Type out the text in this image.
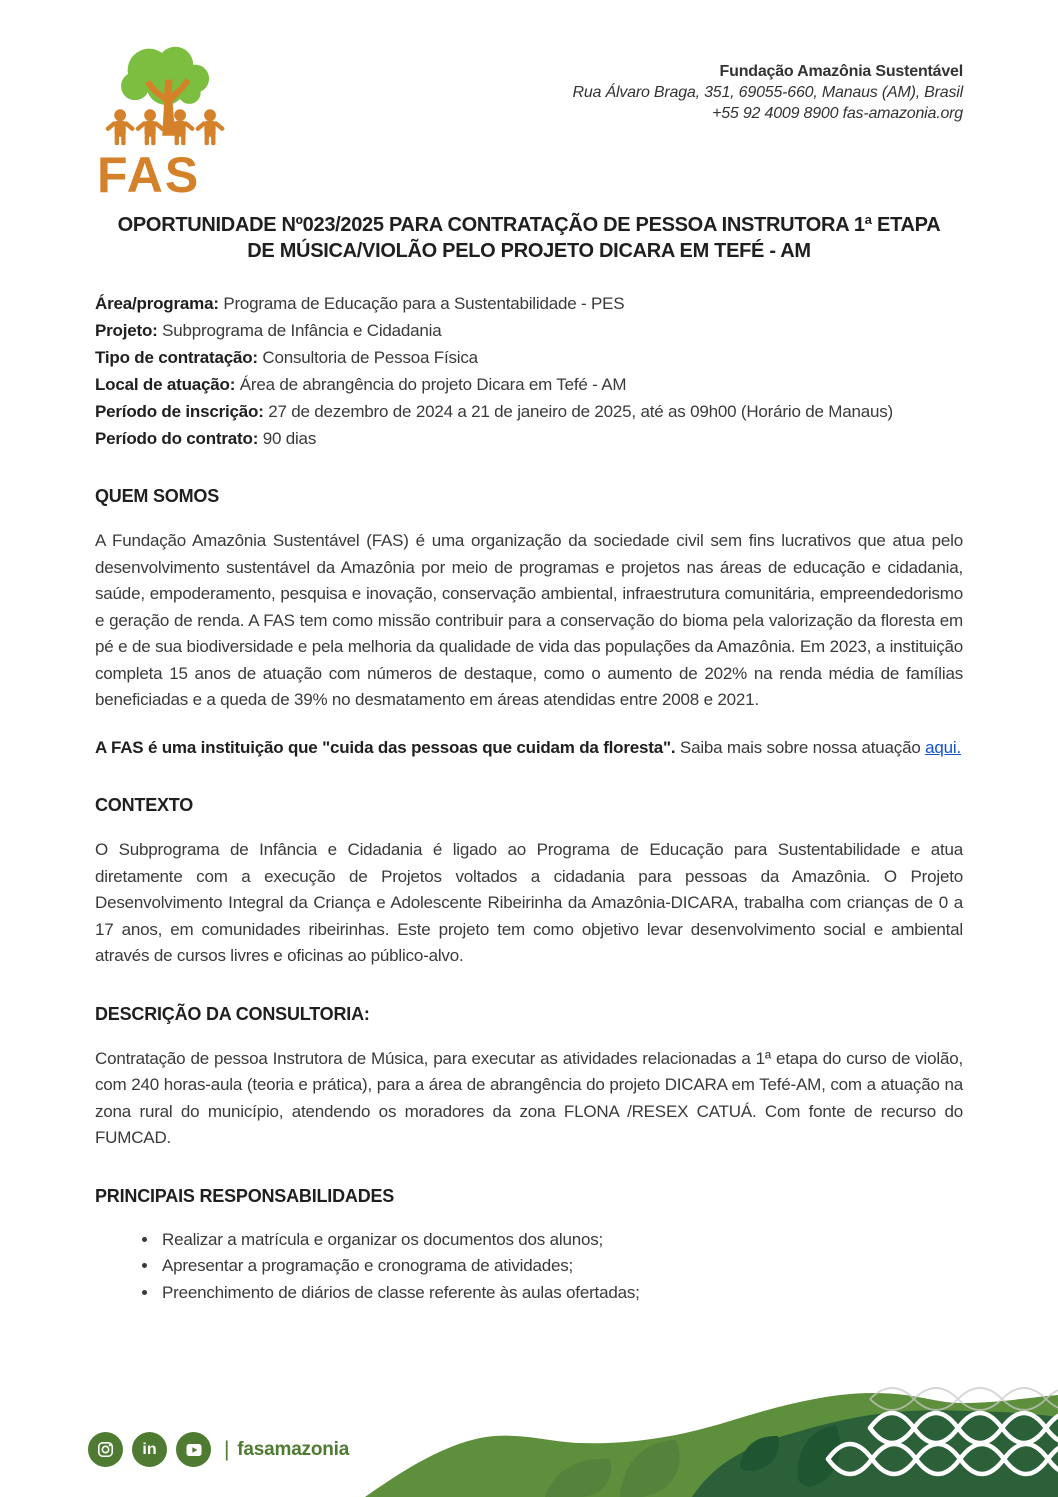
FAS
Fundação Amazônia Sustentável
Rua Álvaro Braga, 351, 69055-660, Manaus (AM), Brasil
+55 92 4009 8900 fas-amazonia.org
OPORTUNIDADE Nº023/2025 PARA CONTRATAÇÃO DE PESSOA INSTRUTORA 1ª ETAPA
DE MÚSICA/VIOLÃO PELO PROJETO DICARA EM TEFÉ - AM
Área/programa: Programa de Educação para a Sustentabilidade - PES
Projeto: Subprograma de Infância e Cidadania
Tipo de contratação: Consultoria de Pessoa Física
Local de atuação: Área de abrangência do projeto Dicara em Tefé - AM
Período de inscrição: 27 de dezembro de 2024 a 21 de janeiro de 2025, até as 09h00 (Horário de Manaus)
Período do contrato: 90 dias
QUEM SOMOS

A Fundação Amazônia Sustentável (FAS) é uma organização da sociedade civil sem fins lucrativos que atua pelo desenvolvimento sustentável da Amazônia por meio de programas e projetos nas áreas de educação e cidadania, saúde, empoderamento, pesquisa e inovação, conservação ambiental, infraestrutura comunitária, empreendedorismo e geração de renda. A FAS tem como missão contribuir para a conservação do bioma pela valorização da floresta em pé e de sua biodiversidade e pela melhoria da qualidade de vida das populações da Amazônia. Em 2023, a instituição completa 15 anos de atuação com números de destaque, como o aumento de 202% na renda média de famílias beneficiadas e a queda de 39% no desmatamento em áreas atendidas entre 2008 e 2021.

A FAS é uma instituição que "cuida das pessoas que cuidam da floresta". Saiba mais sobre nossa atuação aqui.

CONTEXTO

O Subprograma de Infância e Cidadania é ligado ao Programa de Educação para Sustentabilidade e atua diretamente com a execução de Projetos voltados a cidadania para pessoas da Amazônia. O Projeto Desenvolvimento Integral da Criança e Adolescente Ribeirinha da Amazônia-DICARA, trabalha com crianças de 0 a 17 anos, em comunidades ribeirinhas. Este projeto tem como objetivo levar desenvolvimento social e ambiental através de cursos livres e oficinas ao público-alvo.

DESCRIÇÃO DA CONSULTORIA:

Contratação de pessoa Instrutora de Música, para executar as atividades relacionadas a 1ª etapa do curso de violão, com 240 horas-aula (teoria e prática), para a área de abrangência do projeto DICARA em Tefé-AM, com a atuação na zona rural do município, atendendo os moradores da zona FLONA /RESEX CATUÁ. Com fonte de recurso do FUMCAD.

PRINCIPAIS RESPONSABILIDADES
• Realizar a matrícula e organizar os documentos dos alunos;
• Apresentar a programação e cronograma de atividades;
• Preenchimento de diários de classe referente às aulas ofertadas;
in	| fasamazonia
